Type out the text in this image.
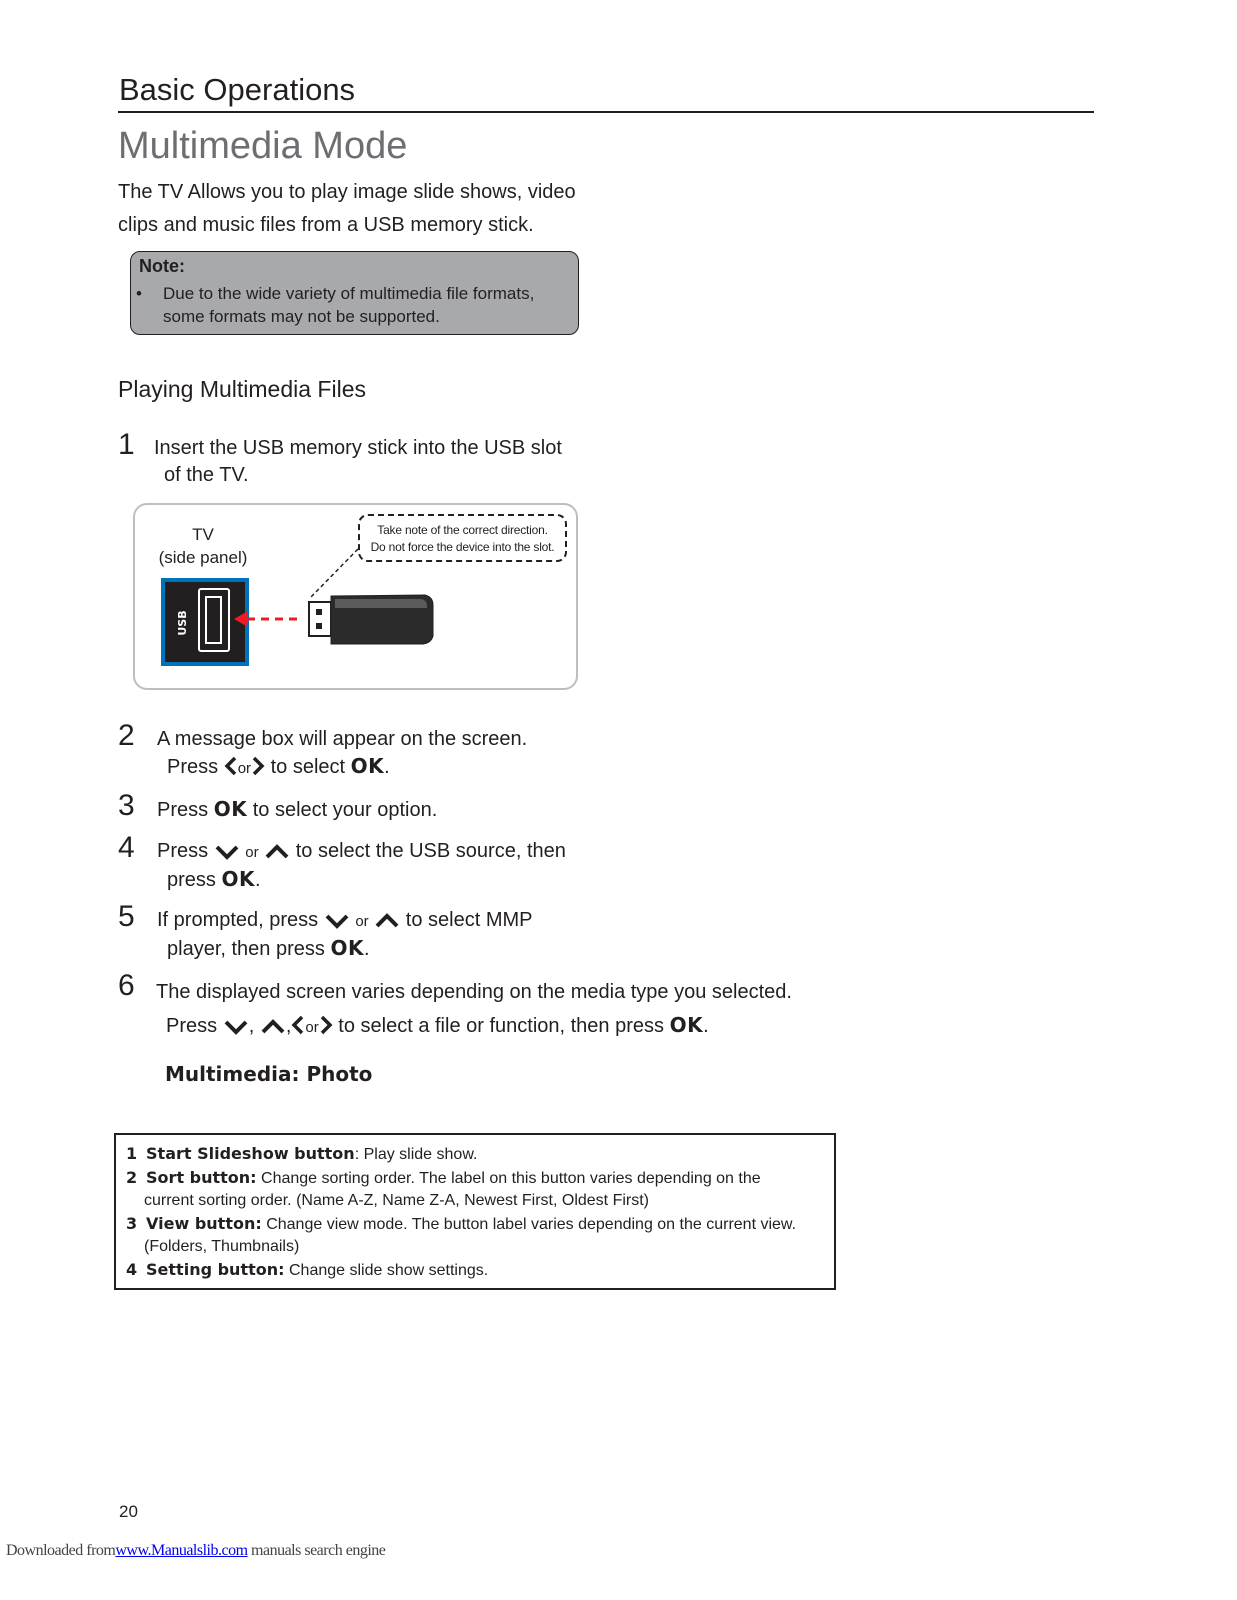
Basic Operations
Multimedia Mode
The TV Allows you to play image slide shows, video
clips and music files from a USB memory stick.
Note:
• Due to the wide variety of multimedia file formats,
some formats may not be supported.
Playing Multimedia Files
1 Insert the USB memory stick into the USB slot
of the TV.
TV
(side panel)
Take note of the correct direction.
Do not force the device into the slot.
USB
2 A message box will appear on the screen.
Press or to select OK.
3 Press OK to select your option.
4 Press or to select the USB source, then
press OK.
5 If prompted, press or to select MMP
player, then press OK.
6 The displayed screen varies depending on the media type you selected.
Press , , or to select a file or function, then press OK.
Multimedia: Photo
1 Start Slideshow button: Play slide show.
2 Sort button: Change sorting order. The label on this button varies depending on the
current sorting order. (Name A-Z, Name Z-A, Newest First, Oldest First)
3 View button: Change view mode. The button label varies depending on the current view.
(Folders, Thumbnails)
4 Setting button: Change slide show settings.
20
Downloaded fromwww.Manualslib.com manuals search engine
